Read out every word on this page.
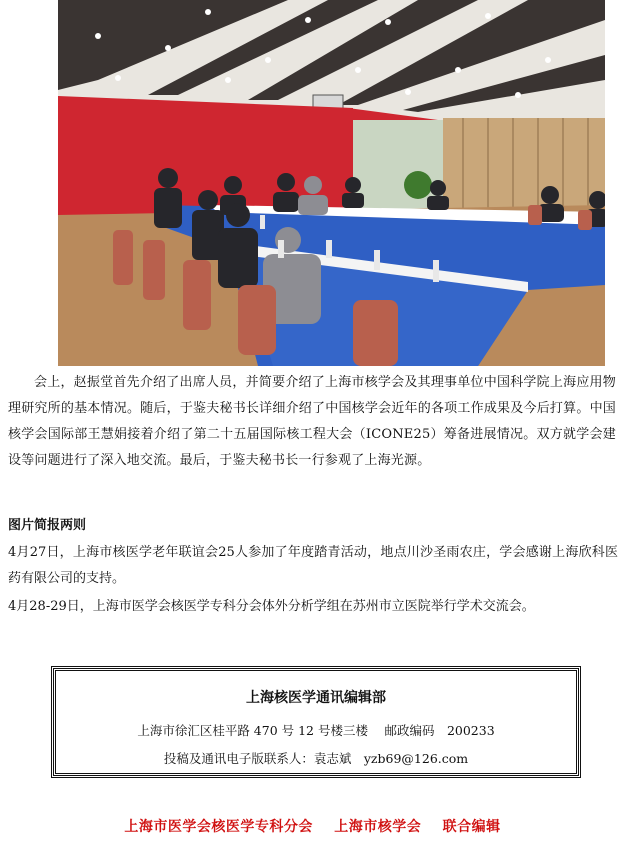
会上，赵振堂首先介绍了出席人员，并简要介绍了上海市核学会及其理事单位中国科学院上海应用物理研究所的基本情况。随后，于鉴夫秘书长详细介绍了中国核学会近年的各项工作成果及今后打算。中国核学会国际部王慧娟接着介绍了第二十五届国际核工程大会（ICONE25）筹备进展情况。双方就学会建设等问题进行了深入地交流。最后，于鉴夫秘书长一行参观了上海光源。

图片简报两则

4月27日，上海市核医学老年联谊会25人参加了年度踏青活动，地点川沙圣雨农庄，学会感谢上海欣科医药有限公司的支持。

4月28-29日，上海市医学会核医学专科分会体外分析学组在苏州市立医院举行学术交流会。

上海核医学通讯编辑部
上海市徐汇区桂平路 470 号 12 号楼三楼　 邮政编码　200233
投稿及通讯电子版联系人：袁志斌　yzb69@126.com
上海市医学会核医学专科分会 上海市核学会 联合编辑
